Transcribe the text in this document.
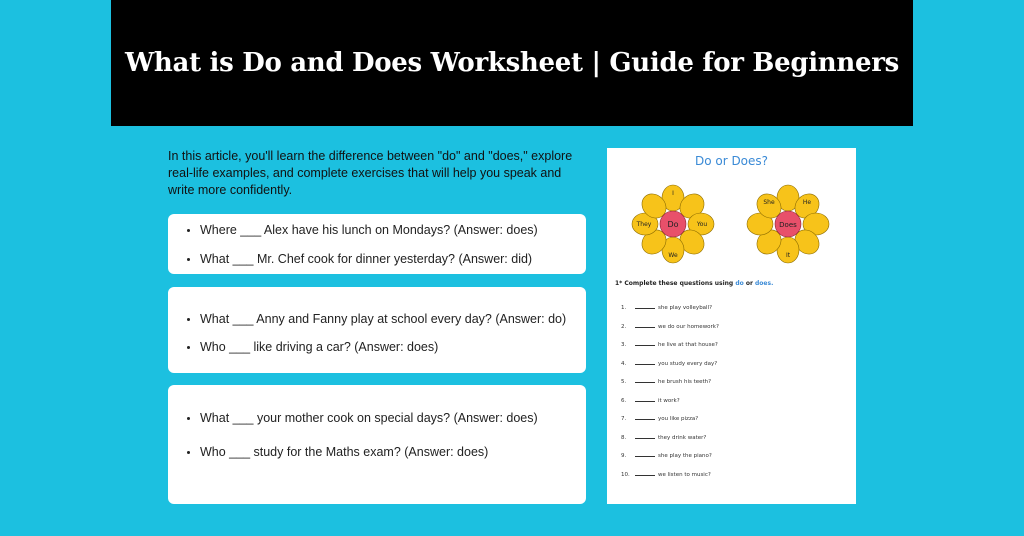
What is Do and Does Worksheet | Guide for Beginners

In this article, you'll learn the difference between "do" and "does," explore real-life examples, and complete exercises that will help you speak and write more confidently.

• Where ___ Alex have his lunch on Mondays? (Answer: does)
• What ___ Mr. Chef cook for dinner yesterday? (Answer: did)
• What ___ Anny and Fanny play at school every day? (Answer: do)
• Who ___ like driving a car? (Answer: does)
• What ___ your mother cook on special days? (Answer: does)
• Who ___ study for the Maths exam? (Answer: does)
Do or Does?
Do
I
You
We
They	Does
She	He
It
1* Complete these questions using do or does.
1.	she play volleyball?
2.	we do our homework?
3.	he live at that house?
4.	you study every day?
5.	he brush his teeth?
6.	it work?
7.	you like pizza?
8.	they drink water?
9.	she play the piano?
10.	we listen to music?
